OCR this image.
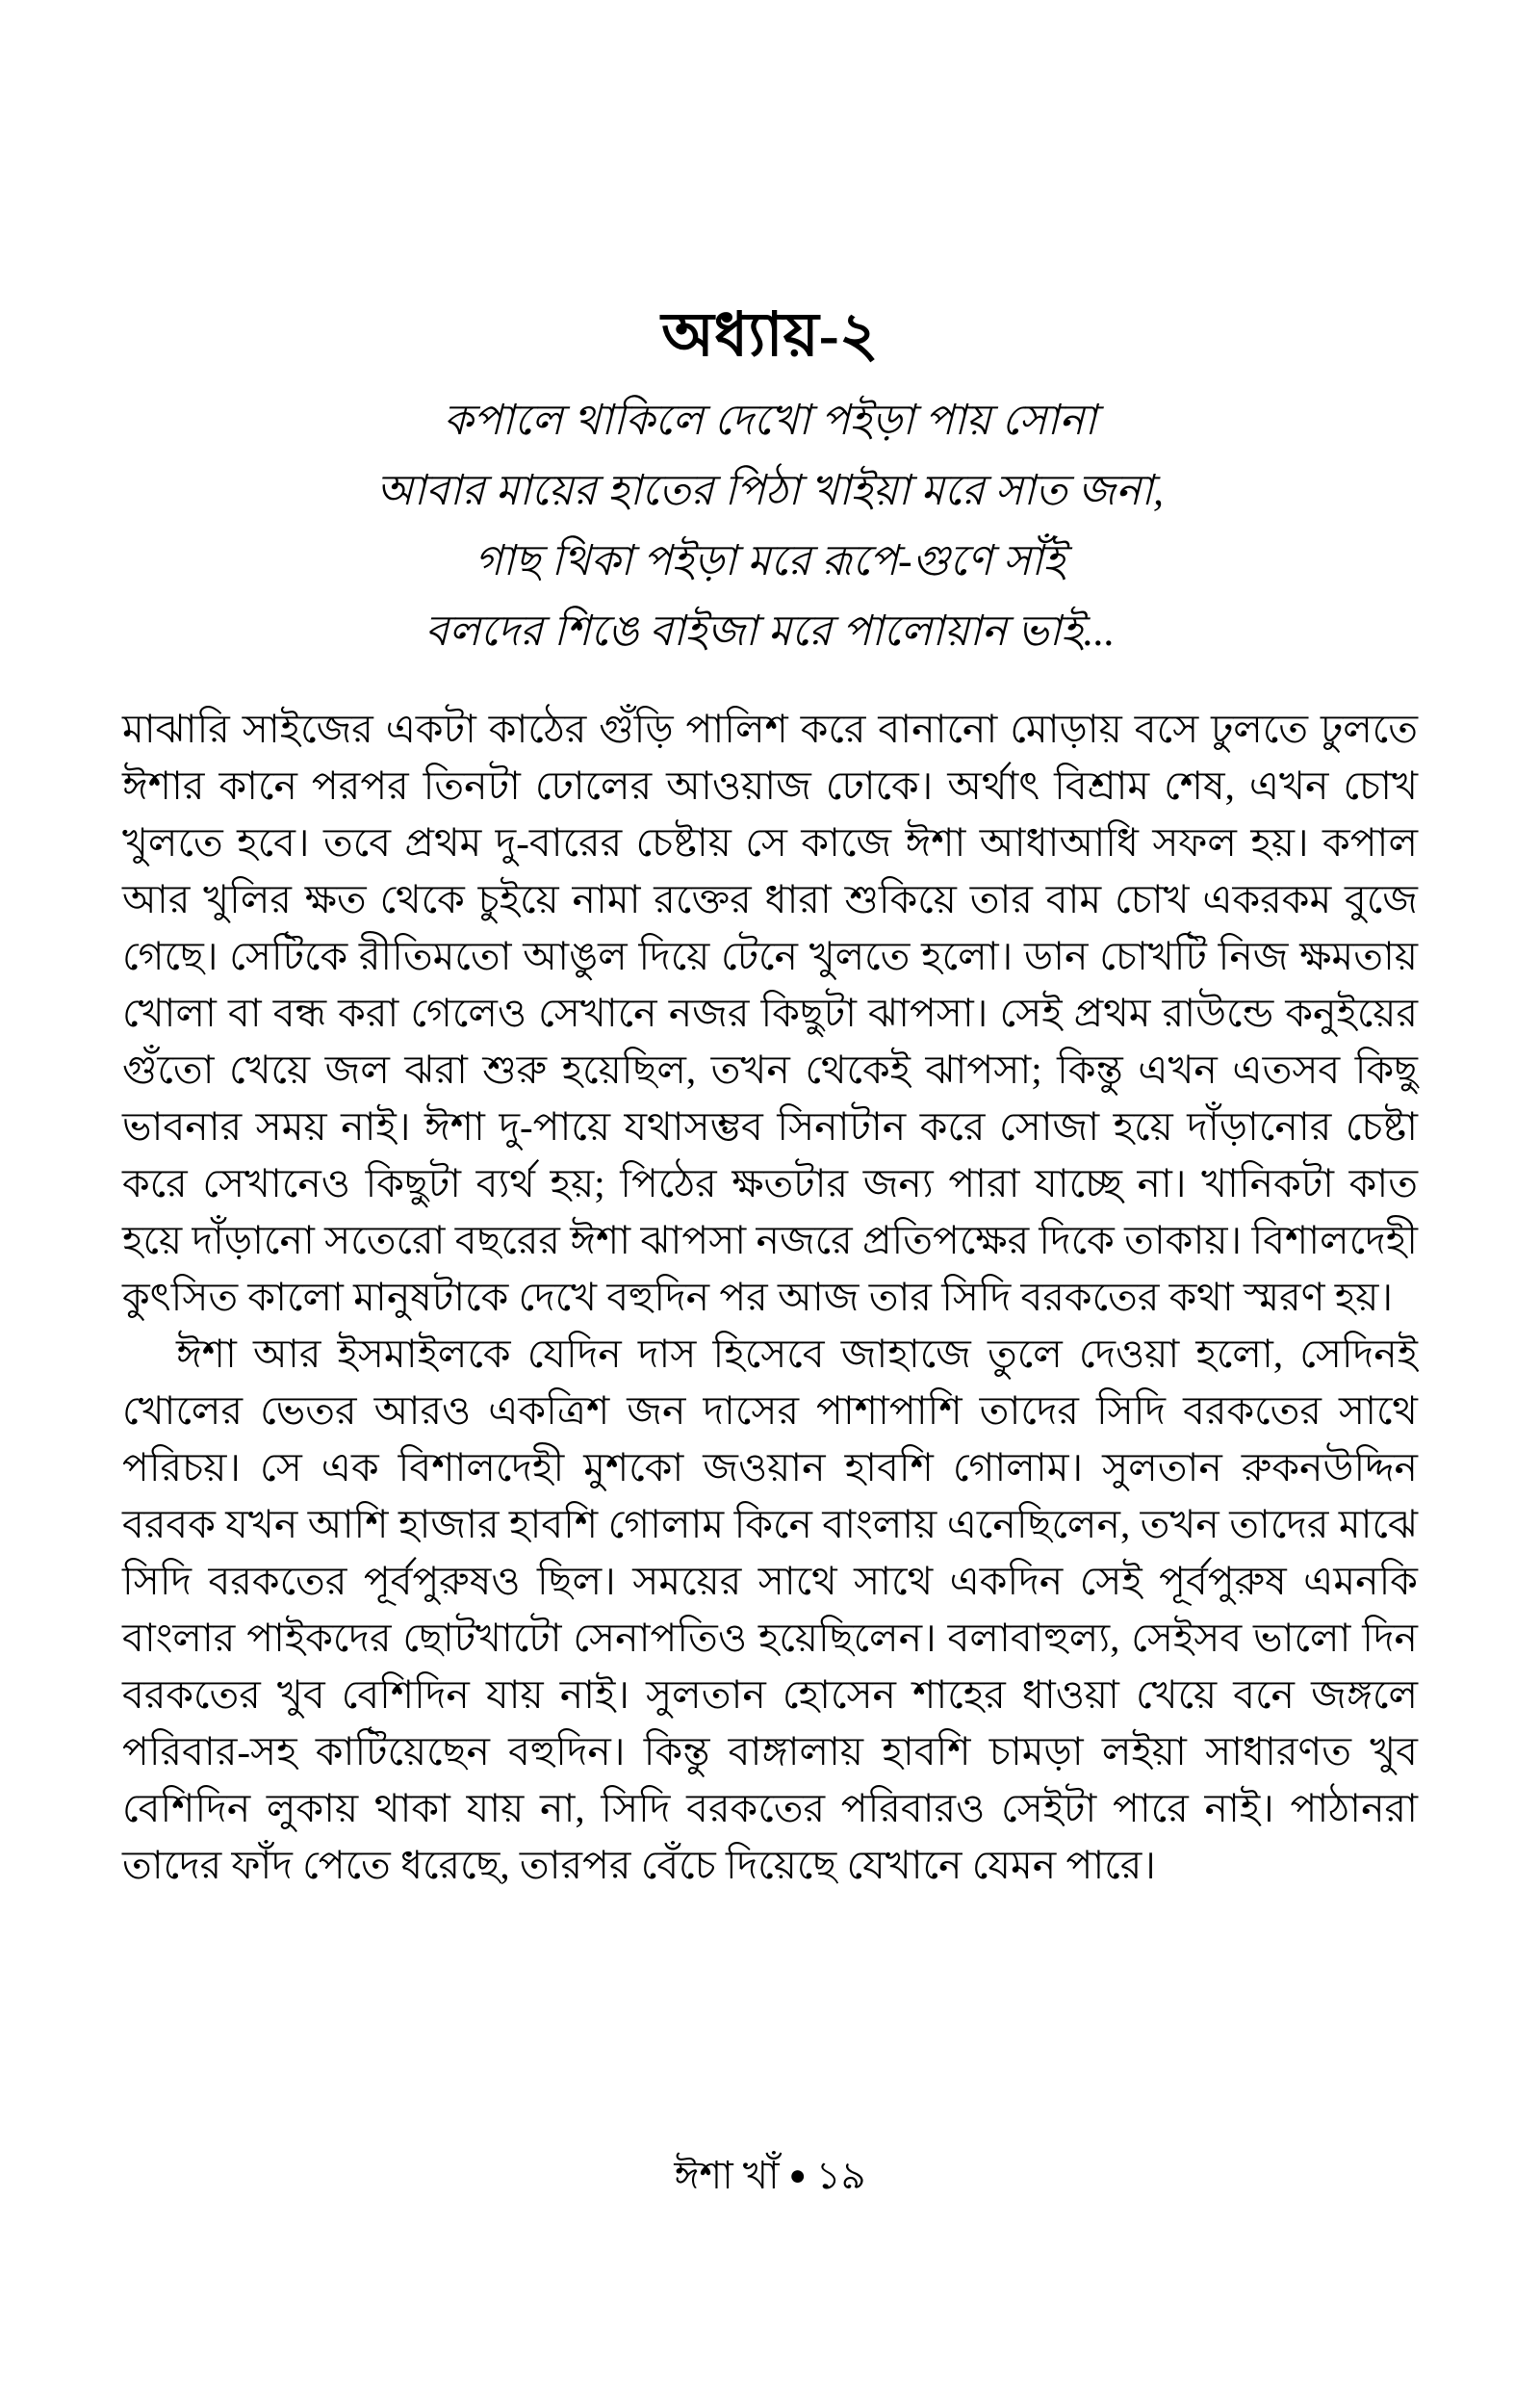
অধ্যায়-২
কপালে থাকিলে দেখো পইড়া পায় সোনা
আবার মায়ের হাতের পিঠা খাইয়া মরে সাত জনা,
গাছ থিকা পইড়া মরে রূপে-গুণে সাঁই
বলদের শিঙে বাইজা মরে পালোয়ান ভাই...

মাঝারি সাইজের একটা কাঠের গুঁড়ি পালিশ করে বানানো মোড়ায় বসে ঢুলতে ঢুলতে ঈশার কানে পরপর তিনটা ঢোলের আওয়াজ ঢোকে। অর্থাৎ বিশ্রাম শেষ, এখন চোখ খুলতে হবে। তবে প্রথম দু-বারের চেষ্টায় সে কাজে ঈশা আধাআধি সফল হয়। কপাল আর খুলির ক্ষত থেকে চুইয়ে নামা রক্তের ধারা শুকিয়ে তার বাম চোখ একরকম বুজে গেছে। সেটিকে রীতিমতো আঙুল দিয়ে টেনে খুলতে হলো। ডান চোখটি নিজ ক্ষমতায় খোলা বা বন্ধ করা গেলেও সেখানে নজর কিছুটা ঝাপসা। সেই প্রথম রাউন্ডে কনুইয়ের গুঁতো খেয়ে জল ঝরা শুরু হয়েছিল, তখন থেকেই ঝাপসা; কিন্তু এখন এতসব কিছু ভাবনার সময় নাই। ঈশা দু-পায়ে যথাসম্ভব সিনাটান করে সোজা হয়ে দাঁড়ানোর চেষ্টা করে সেখানেও কিছুটা ব্যর্থ হয়; পিঠের ক্ষতটার জন্য পারা যাচ্ছে না। খানিকটা কাত হয়ে দাঁড়ানো সতেরো বছরের ঈশা ঝাপসা নজরে প্রতিপক্ষের দিকে তাকায়। বিশালদেহী কুৎসিত কালো মানুষটাকে দেখে বহুদিন পর আজ তার সিদি বরকতের কথা স্মরণ হয়।

ঈশা আর ইসমাইলকে যেদিন দাস হিসেবে জাহাজে তুলে দেওয়া হলো, সেদিনই খোলের ভেতর আরও একত্রিশ জন দাসের পাশাপাশি তাদের সিদি বরকতের সাথে পরিচয়। সে এক বিশালদেহী মুশকো জওয়ান হাবশি গোলাম। সুলতান রুকনউদ্দিন বরবক যখন আশি হাজার হাবশি গোলাম কিনে বাংলায় এনেছিলেন, তখন তাদের মাঝে সিদি বরকতের পূর্বপুরুষও ছিল। সময়ের সাথে সাথে একদিন সেই পূর্বপুরুষ এমনকি বাংলার পাইকদের ছোটখাটো সেনাপতিও হয়েছিলেন। বলাবাহুল্য, সেইসব ভালো দিন বরকতের খুব বেশিদিন যায় নাই। সুলতান হোসেন শাহের ধাওয়া খেয়ে বনে জঙ্গলে পরিবার-সহ কাটিয়েছেন বহুদিন। কিন্তু বাঙ্গালায় হাবশি চামড়া লইয়া সাধারণত খুব বেশিদিন লুকায় থাকা যায় না, সিদি বরকতের পরিবারও সেইটা পারে নাই। পাঠানরা তাদের ফাঁদ পেতে ধরেছে, তারপর বেঁচে দিয়েছে যেখানে যেমন পারে।

ঈশা খাঁ ● ১৯
